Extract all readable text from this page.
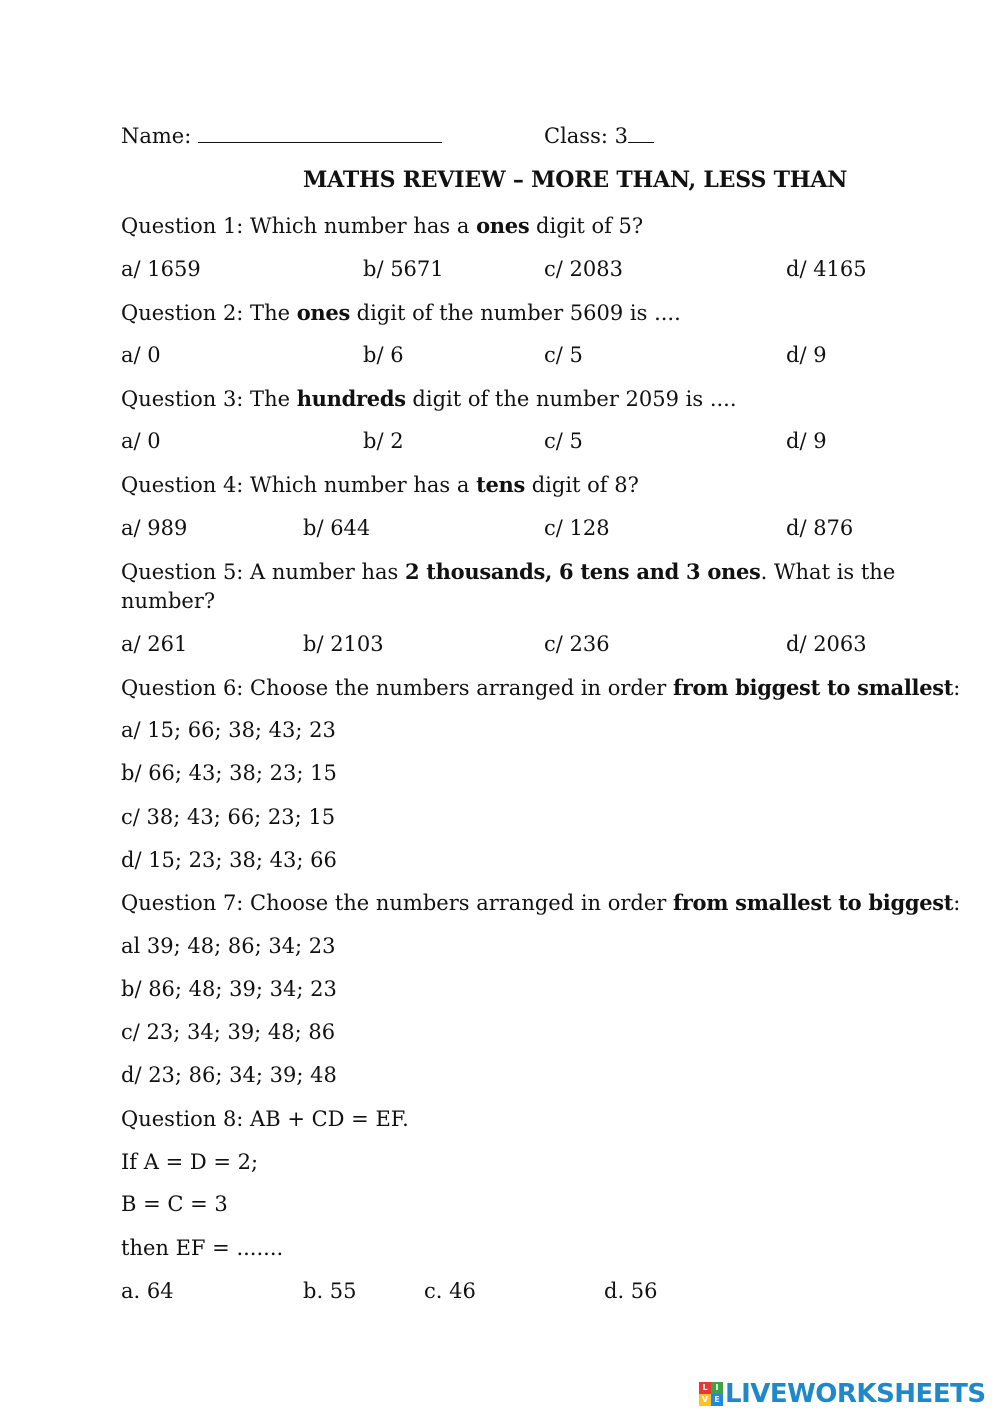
Name:	Class: 3
MATHS REVIEW – MORE THAN, LESS THAN
Question 1: Which number has a ones digit of 5?
a/ 1659	b/ 5671	c/ 2083	d/ 4165
Question 2: The ones digit of the number 5609 is ....
a/ 0	b/ 6	c/ 5	d/ 9
Question 3: The hundreds digit of the number 2059 is ....
a/ 0	b/ 2	c/ 5	d/ 9
Question 4: Which number has a tens digit of 8?
a/ 989	b/ 644	c/ 128	d/ 876
Question 5: A number has 2 thousands, 6 tens and 3 ones. What is the
number?
a/ 261	b/ 2103	c/ 236	d/ 2063
Question 6: Choose the numbers arranged in order from biggest to smallest:
a/ 15; 66; 38; 43; 23
b/ 66; 43; 38; 23; 15
c/ 38; 43; 66; 23; 15
d/ 15; 23; 38; 43; 66
Question 7: Choose the numbers arranged in order from smallest to biggest:
al 39; 48; 86; 34; 23
b/ 86; 48; 39; 34; 23
c/ 23; 34; 39; 48; 86
d/ 23; 86; 34; 39; 48
Question 8: AB + CD = EF.
If A = D = 2;
B = C = 3
then EF = .......
a. 64	b. 55	c. 46	d. 56
L I
V E LIVEWORKSHEETS
